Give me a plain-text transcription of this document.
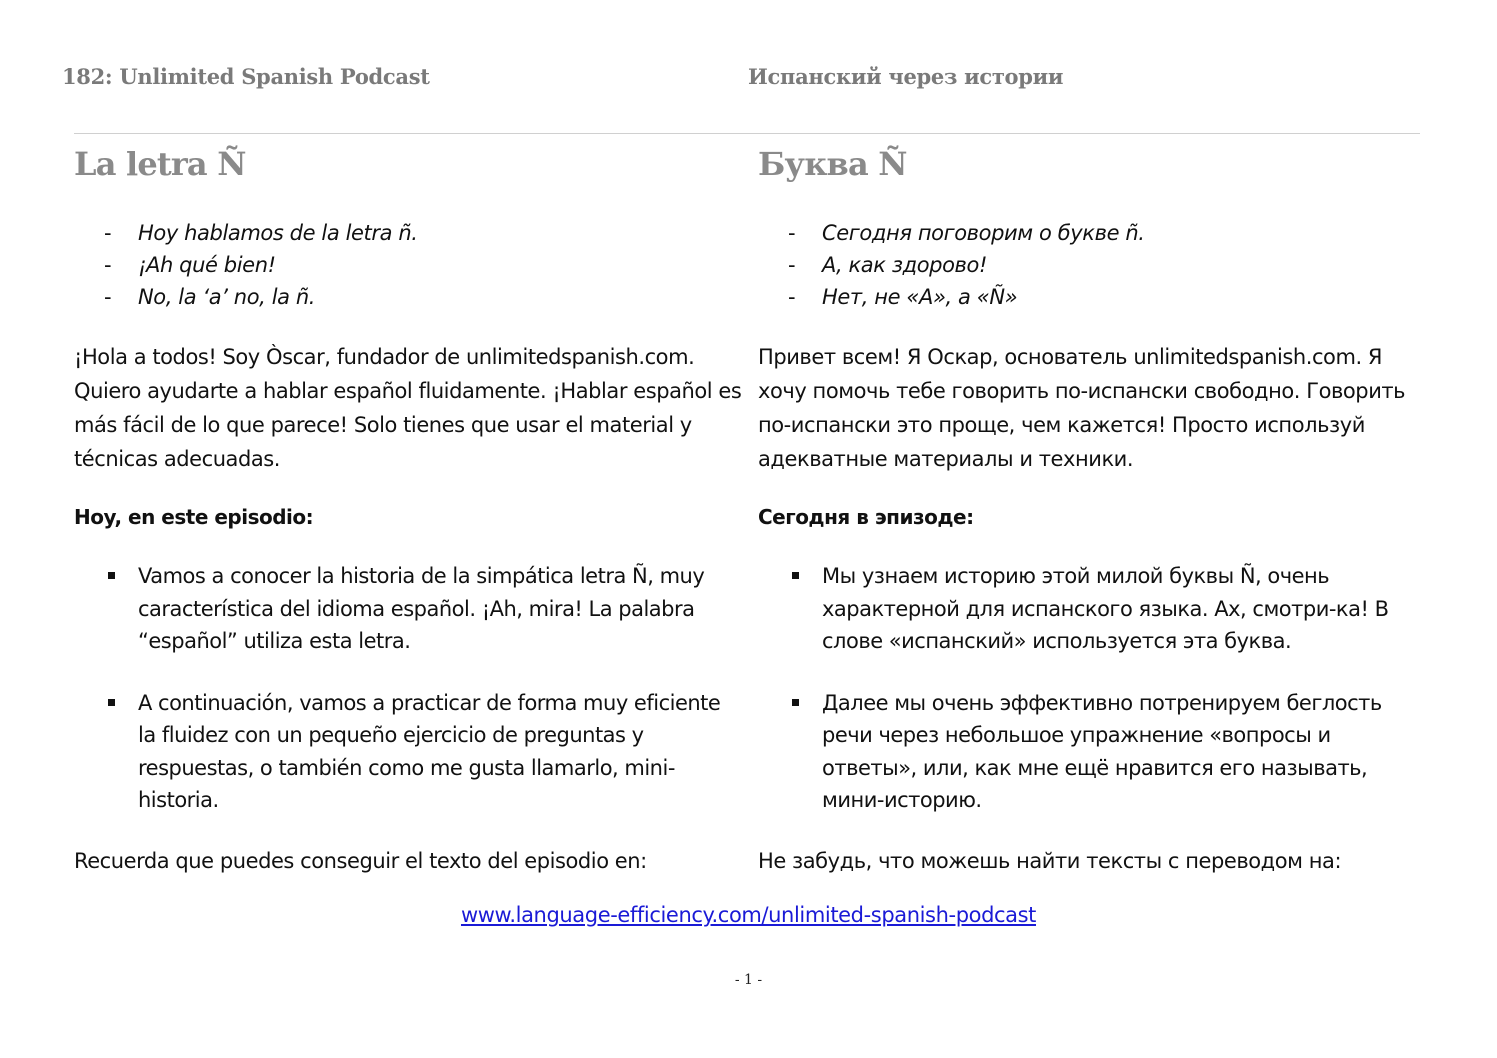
182: Unlimited Spanish Podcast	Испанский через истории
La letra Ñ	Буква Ñ
- Hoy hablamos de la letra ñ.
- ¡Ah qué bien!
- No, la ‘a’ no, la ñ.
- Сегодня поговорим о букве ñ.
- А, как здорово!
- Нет, не «А», а «Ñ»
¡Hola a todos! Soy Òscar, fundador de unlimitedspanish.com. Quiero ayudarte a hablar español fluidamente. ¡Hablar español es más fácil de lo que parece! Solo tienes que usar el material y técnicas adecuadas.
Привет всем! Я Оскар, основатель unlimitedspanish.com. Я хочу помочь тебе говорить по-испански свободно. Говорить по-испански это проще, чем кажется! Просто используй адекватные материалы и техники.
Hoy, en este episodio:	Сегодня в эпизоде:
Vamos a conocer la historia de la simpática letra Ñ, muy característica del idioma español. ¡Ah, mira! La palabra “español” utiliza esta letra.
A continuación, vamos a practicar de forma muy eficiente la fluidez con un pequeño ejercicio de preguntas y respuestas, o también como me gusta llamarlo, mini-historia.
Мы узнаем историю этой милой буквы Ñ, очень характерной для испанского языка. Ах, смотри-ка! В слове «испанский» используется эта буква.
Далее мы очень эффективно потренируем беглость речи через небольшое упражнение «вопросы и ответы», или, как мне ещё нравится его называть, мини-историю.
Recuerda que puedes conseguir el texto del episodio en:	Не забудь, что можешь найти тексты с переводом на:
www.language-efficiency.com/unlimited-spanish-podcast
- 1 -
